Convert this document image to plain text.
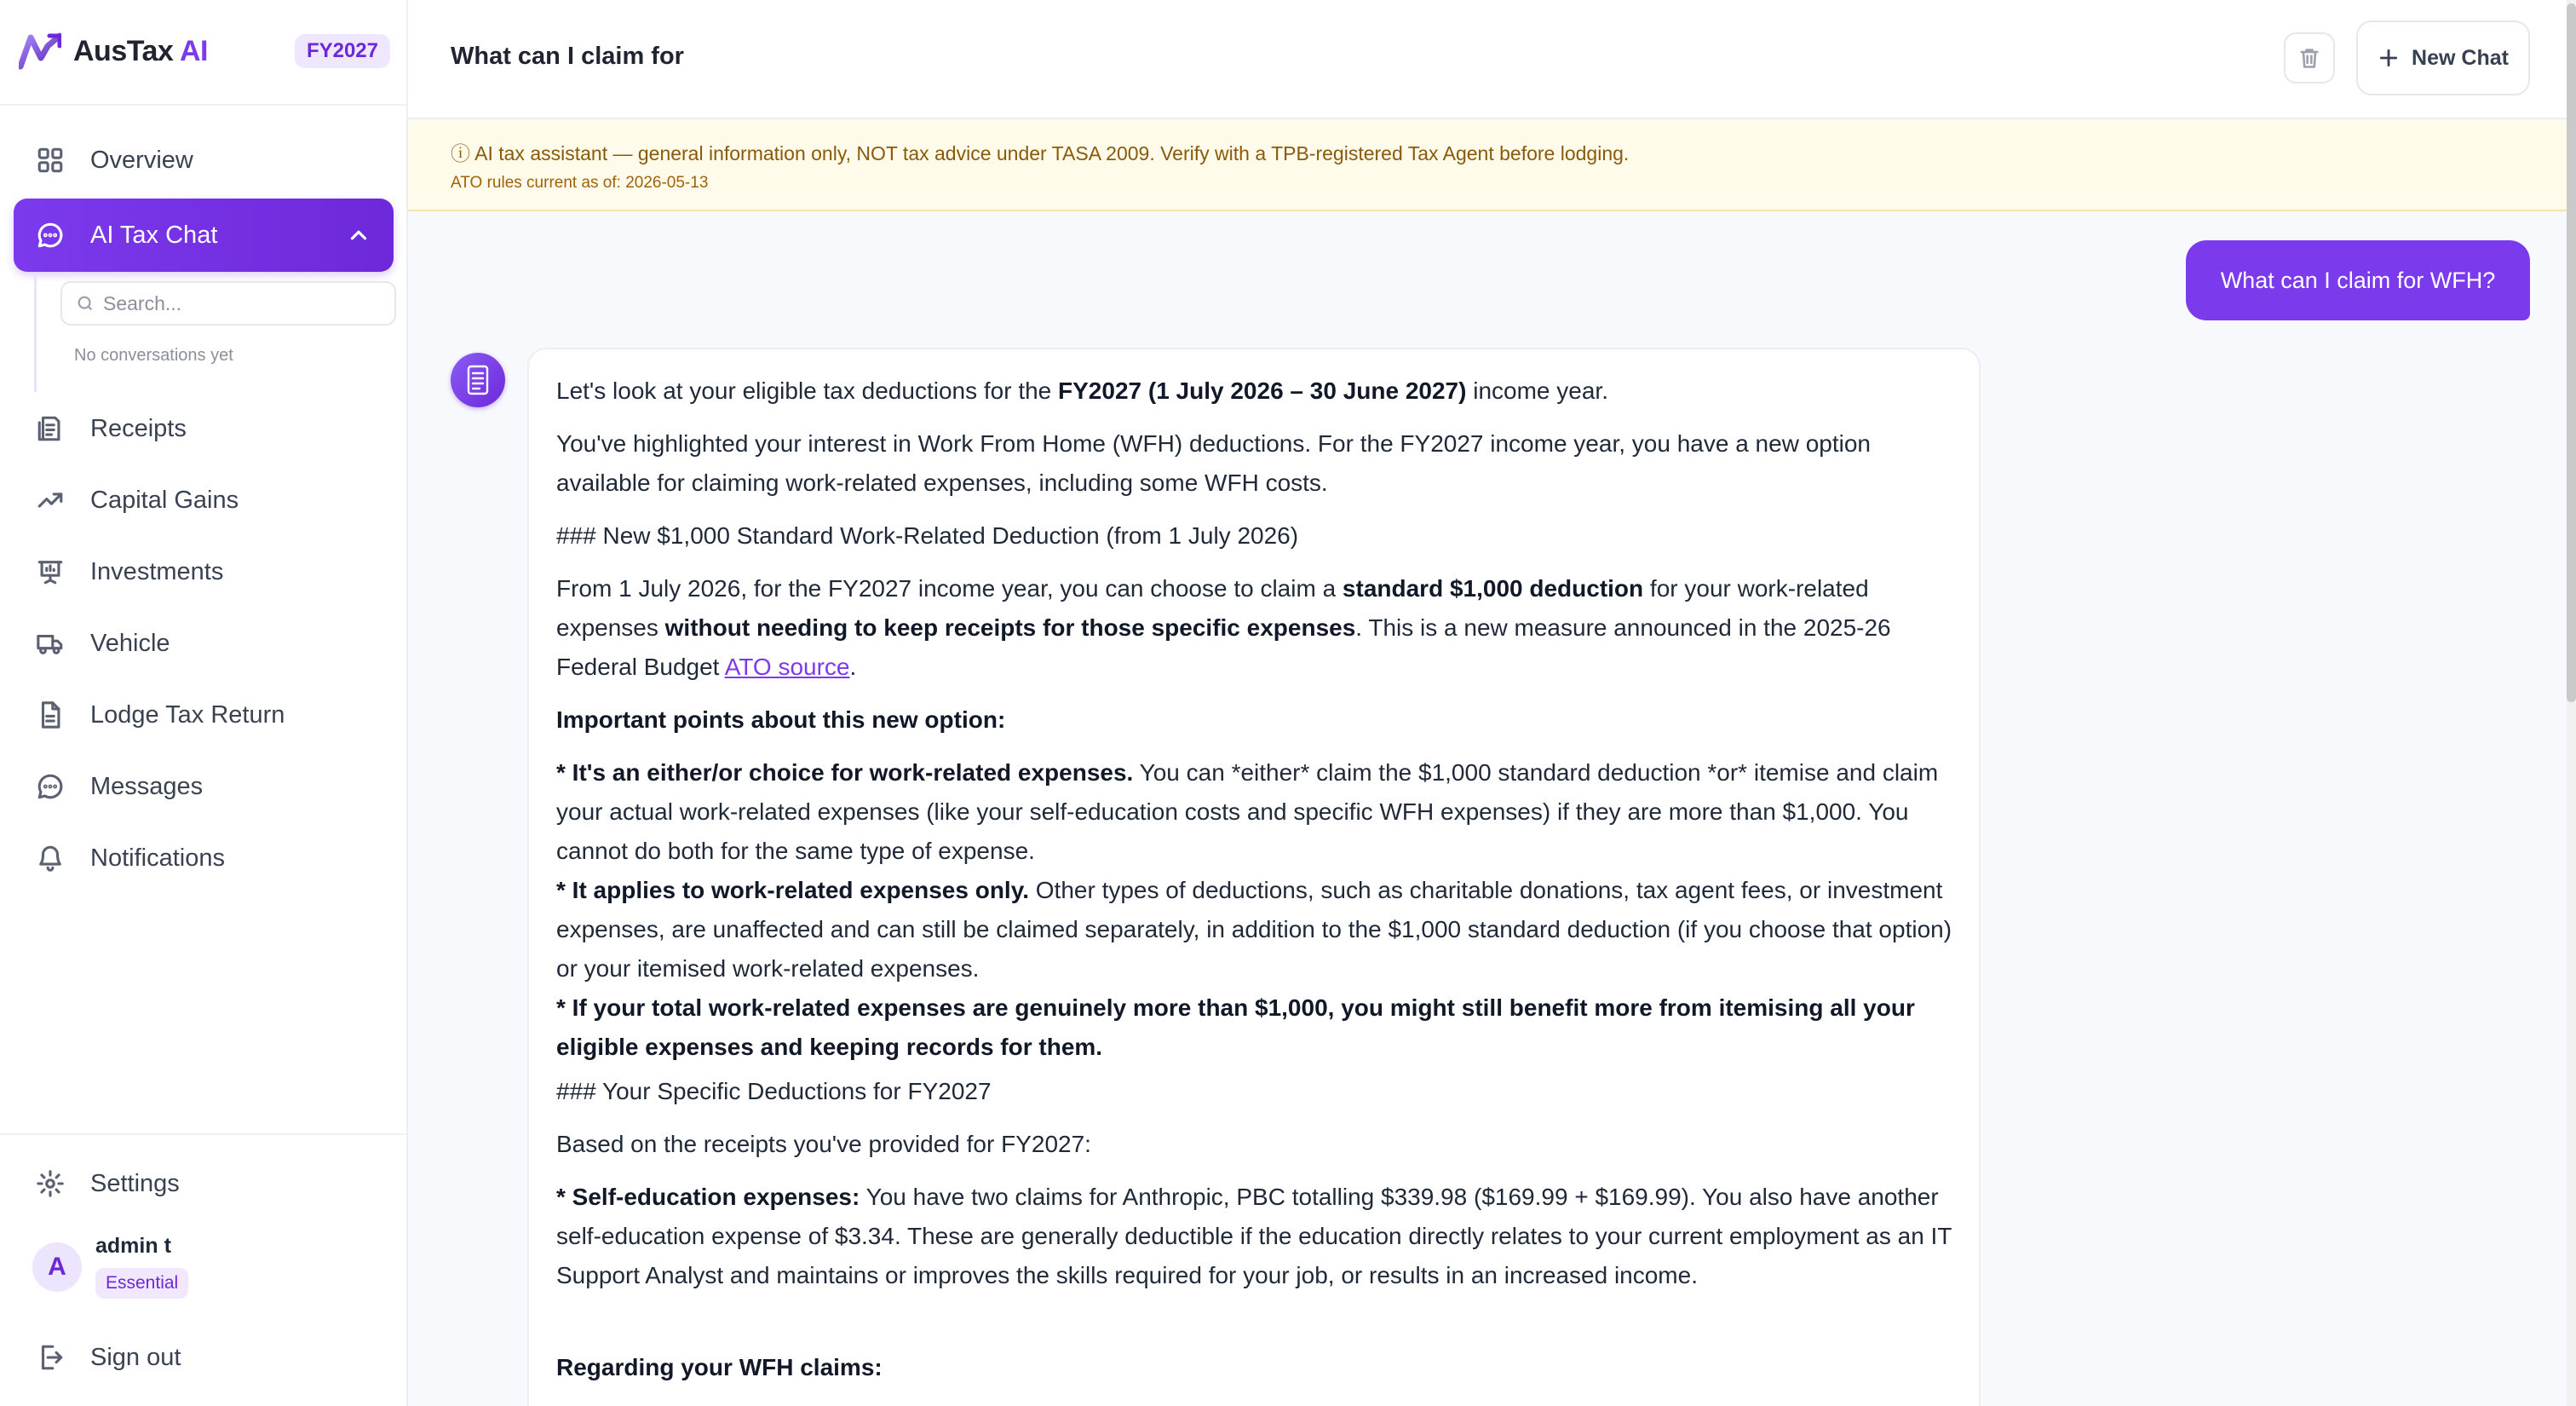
AusTax AI	FY2027
Overview
AI Tax Chat
Search...
No conversations yet
Receipts
Capital Gains
Investments
Vehicle
Lodge Tax Return
Messages
Notifications
Settings
A
admin t
Essential
Sign out
What can I claim for	New Chat
ⓘ AI tax assistant — general information only, NOT tax advice under TASA 2009. Verify with a TPB-registered Tax Agent before lodging.
ATO rules current as of: 2026-05-13
What can I claim for WFH?

Let's look at your eligible tax deductions for the FY2027 (1 July 2026 – 30 June 2027) income year.

You've highlighted your interest in Work From Home (WFH) deductions. For the FY2027 income year, you have a new option available for claiming work-related expenses, including some WFH costs.

### New $1,000 Standard Work-Related Deduction (from 1 July 2026)

From 1 July 2026, for the FY2027 income year, you can choose to claim a standard $1,000 deduction for your work-related expenses without needing to keep receipts for those specific expenses. This is a new measure announced in the 2025-26 Federal Budget ATO source.

Important points about this new option:

* It's an either/or choice for work-related expenses. You can *either* claim the $1,000 standard deduction *or* itemise and claim your actual work-related expenses (like your self-education costs and specific WFH expenses) if they are more than $1,000. You cannot do both for the same type of expense.

* It applies to work-related expenses only. Other types of deductions, such as charitable donations, tax agent fees, or investment expenses, are unaffected and can still be claimed separately, in addition to the $1,000 standard deduction (if you choose that option) or your itemised work-related expenses.

* If your total work-related expenses are genuinely more than $1,000, you might still benefit more from itemising all your eligible expenses and keeping records for them.

### Your Specific Deductions for FY2027

Based on the receipts you've provided for FY2027:

* Self-education expenses: You have two claims for Anthropic, PBC totalling $339.98 ($169.99 + $169.99). You also have another self-education expense of $3.34. These are generally deductible if the education directly relates to your current employment as an IT Support Analyst and maintains or improves the skills required for your job, or results in an increased income.

Regarding your WFH claims:
